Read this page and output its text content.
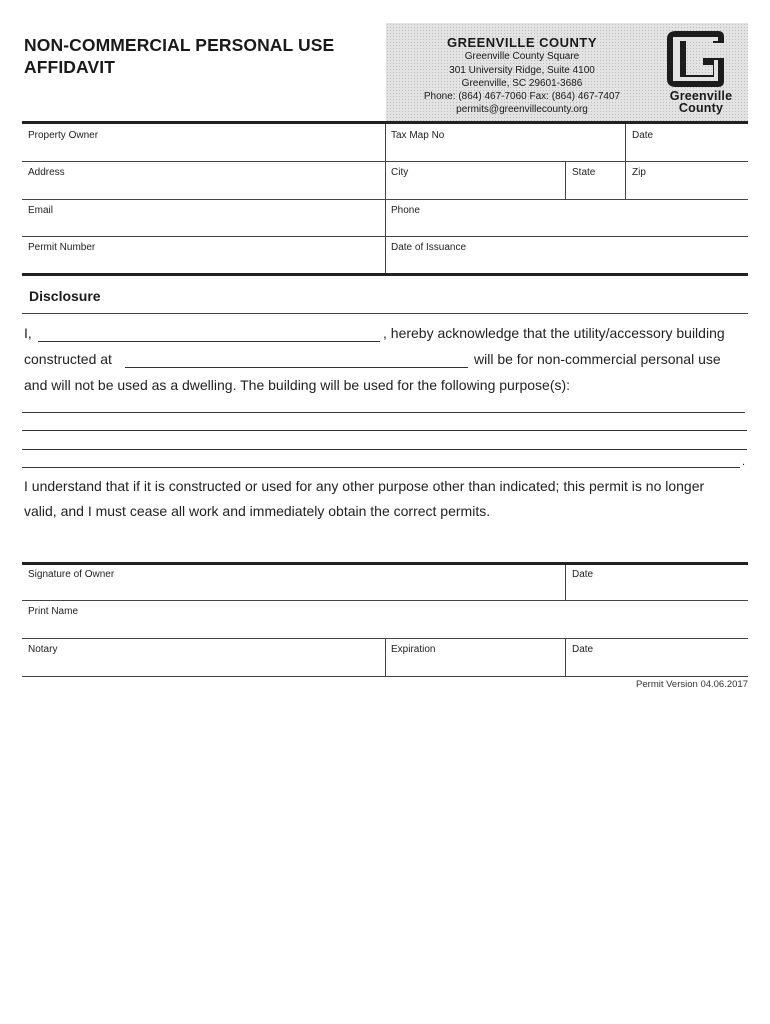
NON-COMMERCIAL PERSONAL USE
AFFIDAVIT
GREENVILLE COUNTY
Greenville County Square
301 University Ridge, Suite 4100
Greenville, SC 29601-3686
Phone: (864) 467-7060 Fax: (864) 467-7407
permits@greenvillecounty.org
Greenville
County
Property Owner	Tax Map No	Date
Address	City	State	Zip
Email	Phone
Permit Number	Date of Issuance
Disclosure
I,	, hereby acknowledge that the utility/accessory building
constructed at	will be for non-commercial personal use
and will not be used as a dwelling. The building will be used for the following purpose(s):
.
I understand that if it is constructed or used for any other purpose other than indicated; this permit is no longer
valid, and I must cease all work and immediately obtain the correct permits.
Signature of Owner	Date
Print Name
Notary	Expiration	Date
Permit Version 04.06.2017
